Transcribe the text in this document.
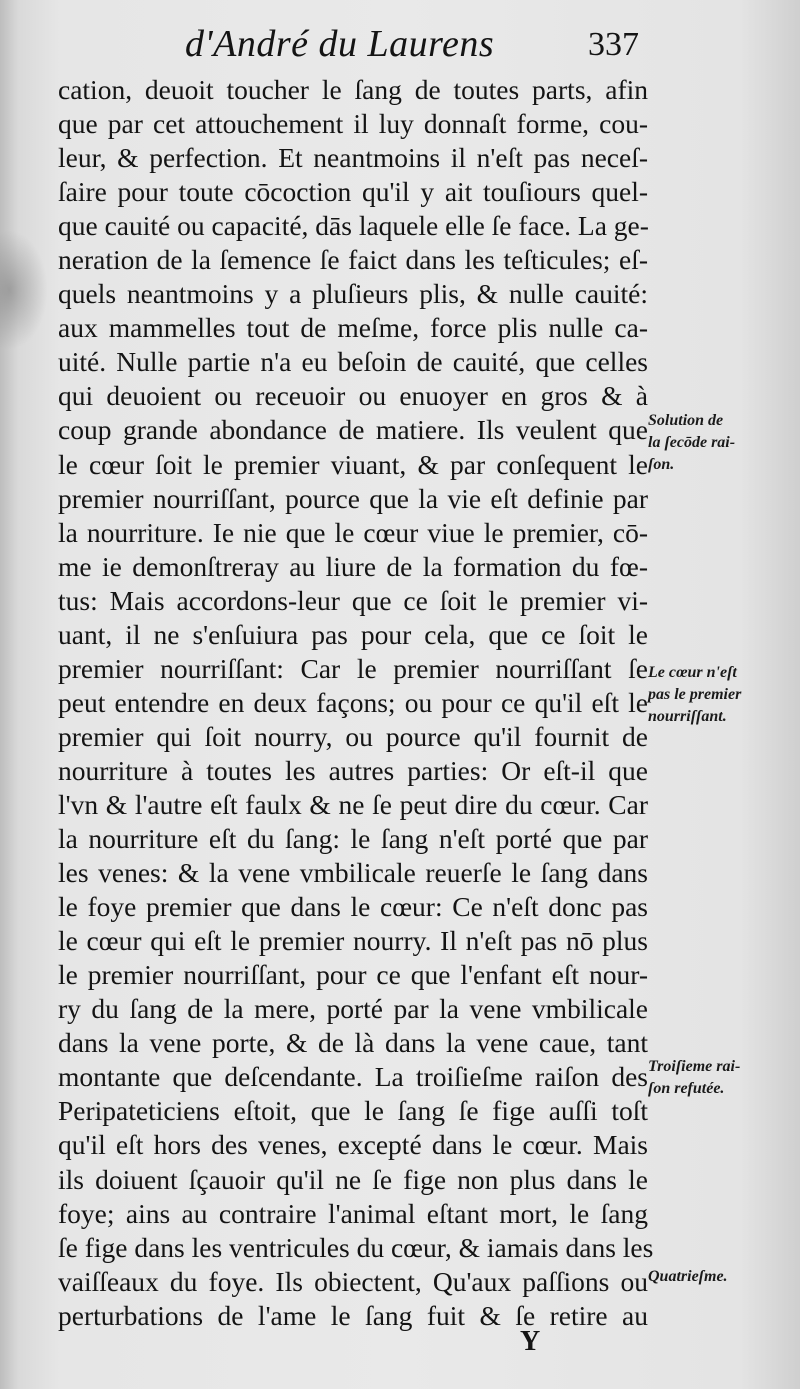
d'André du Laurens	337
cation, deuoit toucher le ſang de toutes parts, afin
que par cet attouchement il luy donnaſt forme, cou-
leur, & perfection. Et neantmoins il n'eſt pas neceſ-
ſaire pour toute cōcoction qu'il y ait touſiours quel-
que cauité ou capacité, dās laquele elle ſe face. La ge-
neration de la ſemence ſe faict dans les teſticules; eſ-
quels neantmoins y a pluſieurs plis, & nulle cauité:
aux mammelles tout de meſme, force plis nulle ca-
uité. Nulle partie n'a eu beſoin de cauité, que celles
qui deuoient ou receuoir ou enuoyer en gros & à
coup grande abondance de matiere. Ils veulent que
le cœur ſoit le premier viuant, & par conſequent le
premier nourriſſant, pource que la vie eſt definie par
la nourriture. Ie nie que le cœur viue le premier, cō-
me ie demonſtreray au liure de la formation du fœ-
tus: Mais accordons-leur que ce ſoit le premier vi-
uant, il ne s'enſuiura pas pour cela, que ce ſoit le
premier nourriſſant: Car le premier nourriſſant ſe
peut entendre en deux façons; ou pour ce qu'il eſt le
premier qui ſoit nourry, ou pource qu'il fournit de
nourriture à toutes les autres parties: Or eſt-il que
l'vn & l'autre eſt faulx & ne ſe peut dire du cœur. Car
la nourriture eſt du ſang: le ſang n'eſt porté que par
les venes: & la vene vmbilicale reuerſe le ſang dans
le foye premier que dans le cœur: Ce n'eſt donc pas
le cœur qui eſt le premier nourry. Il n'eſt pas nō plus
le premier nourriſſant, pour ce que l'enfant eſt nour-
ry du ſang de la mere, porté par la vene vmbilicale
dans la vene porte, & de là dans la vene caue, tant
montante que deſcendante. La troiſieſme raiſon des
Peripateticiens eſtoit, que le ſang ſe fige auſſi toſt
qu'il eſt hors des venes, excepté dans le cœur. Mais
ils doiuent ſçauoir qu'il ne ſe fige non plus dans le
foye; ains au contraire l'animal eſtant mort, le ſang
ſe fige dans les ventricules du cœur, & iamais dans les
vaiſſeaux du foye. Ils obiectent, Qu'aux paſſions ou
perturbations de l'ame le ſang fuit & ſe retire au
Solution de
la ſecōde rai-
ſon.
Le cœur n'eſt
pas le premier
nourriſſant.
Troiſieme rai-
ſon refutée.
Quatrieſme.
Y
